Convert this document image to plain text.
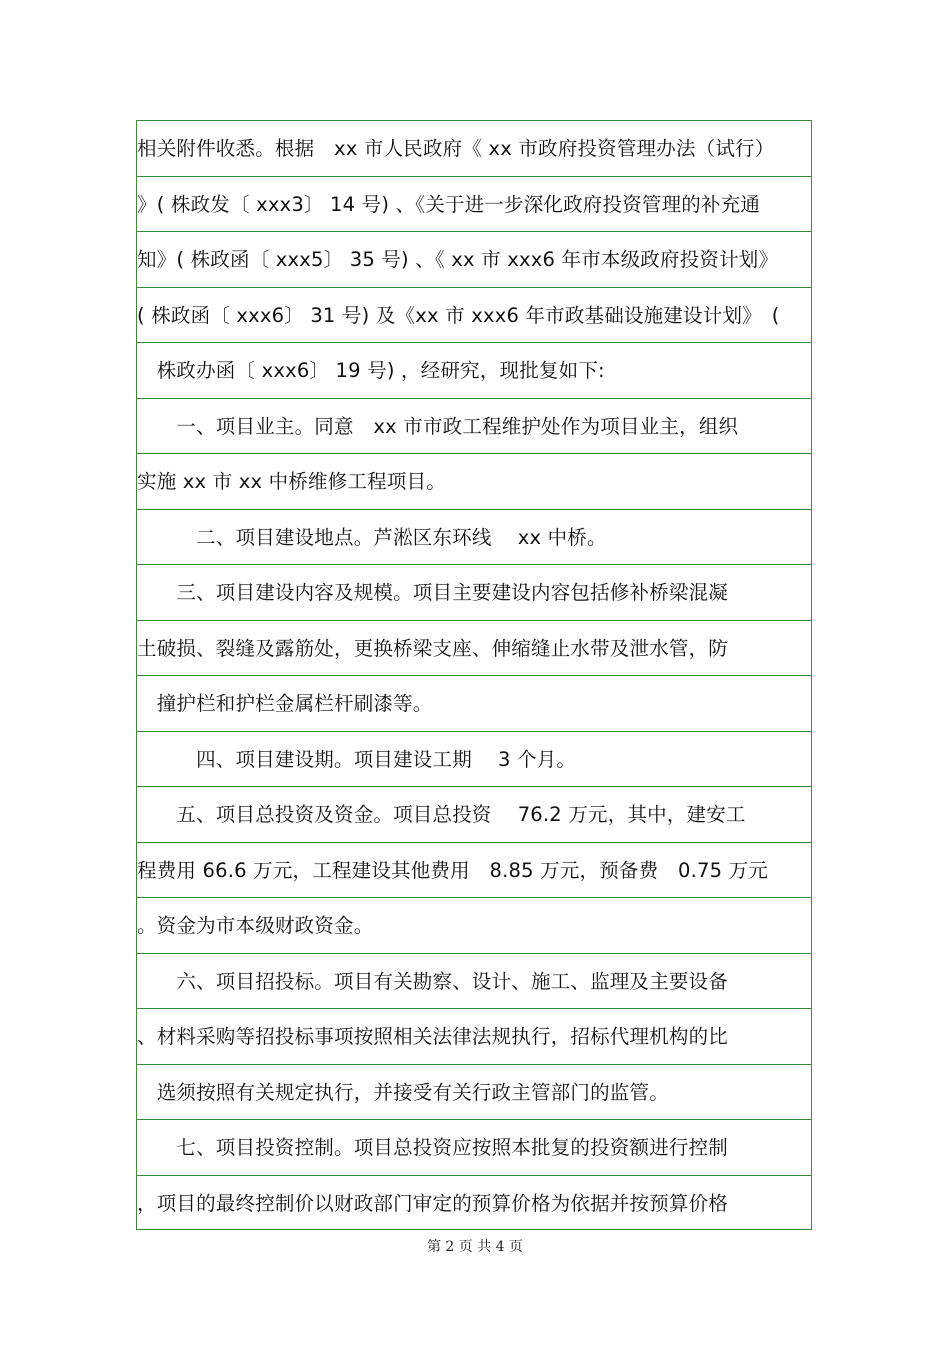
相关附件收悉。根据　xx 市人民政府《 xx 市政府投资管理办法（试行）
》( 株政发〔 xxx3〕 14 号) 、《关于进一步深化政府投资管理的补充通
知》( 株政函〔 xxx5〕 35 号) 、《 xx 市 xxx6 年市本级政府投资计划》
( 株政函〔 xxx6〕 31 号) 及《xx 市 xxx6 年市政基础设施建设计划》　(
　株政办函〔 xxx6〕 19 号) ，经研究，现批复如下:
　　一、项目业主。同意　xx 市市政工程维护处作为项目业主，组织
实施 xx 市 xx 中桥维修工程项目。
　　　二、项目建设地点。芦淞区东环线　 xx 中桥。
　　三、项目建设内容及规模。项目主要建设内容包括修补桥梁混凝
土破损、裂缝及露筋处，更换桥梁支座、伸缩缝止水带及泄水管，防
　撞护栏和护栏金属栏杆刷漆等。
　　　四、项目建设期。项目建设工期　 3 个月。
　　五、项目总投资及资金。项目总投资　 76.2 万元，其中，建安工
程费用 66.6 万元，工程建设其他费用　8.85 万元，预备费　0.75 万元
。资金为市本级财政资金。
　　六、项目招投标。项目有关勘察、设计、施工、监理及主要设备
、材料采购等招投标事项按照相关法律法规执行，招标代理机构的比
　选须按照有关规定执行，并接受有关行政主管部门的监管。
　　七、项目投资控制。项目总投资应按照本批复的投资额进行控制
，项目的最终控制价以财政部门审定的预算价格为依据并按预算价格
第 2 页 共 4 页
